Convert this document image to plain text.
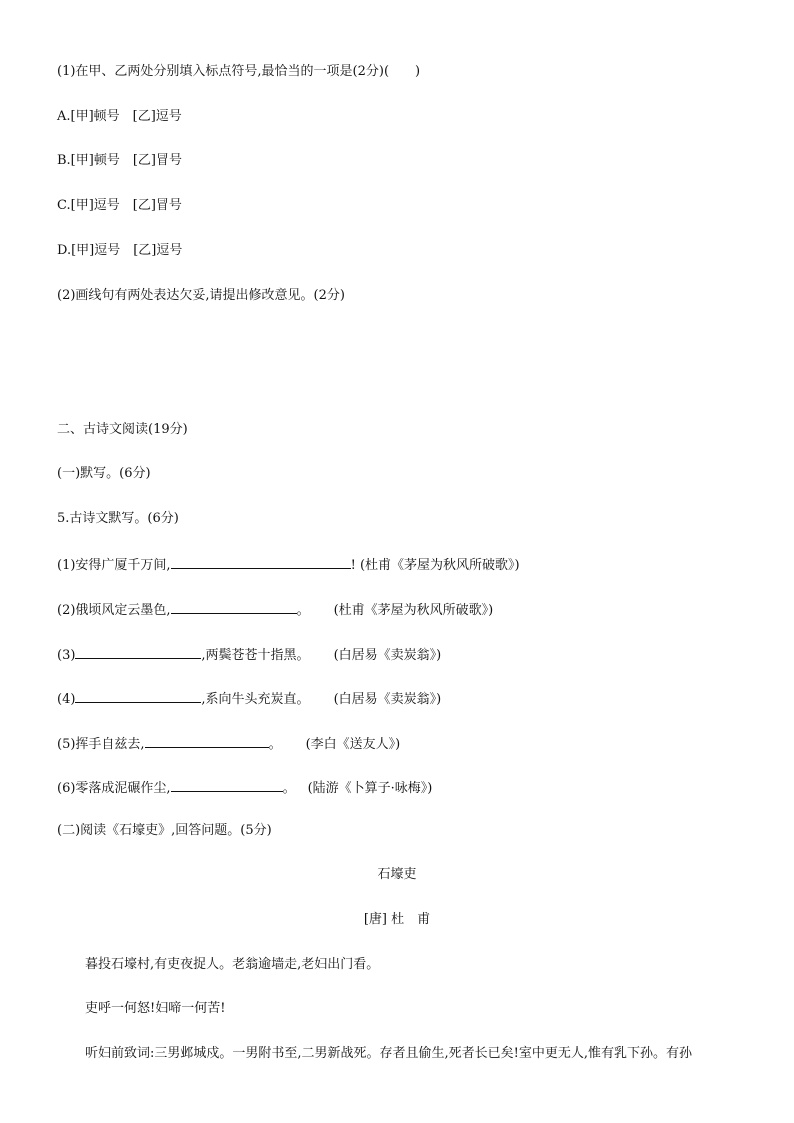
(1)在甲、乙两处分别填入标点符号,最恰当的一项是(2分)(　　)
A.[甲]顿号　[乙]逗号
B.[甲]顿号　[乙]冒号
C.[甲]逗号　[乙]冒号
D.[甲]逗号　[乙]逗号
(2)画线句有两处表达欠妥,请提出修改意见。(2分)
二、古诗文阅读(19分)
(一)默写。(6分)
5.古诗文默写。(6分)
(1)安得广厦千万间,	! (杜甫《茅屋为秋风所破歌》)
(2)俄顷风定云墨色,	。 (杜甫《茅屋为秋风所破歌》)
(3)	,两鬓苍苍十指黑。 (白居易《卖炭翁》)
(4)	,系向牛头充炭直。 (白居易《卖炭翁》)
(5)挥手自兹去,	。 (李白《送友人》)
(6)零落成泥碾作尘,	。 (陆游《卜算子·咏梅》)
(二)阅读《石壕吏》,回答问题。(5分)
石壕吏
[唐] 杜　甫
暮投石壕村,有吏夜捉人。老翁逾墙走,老妇出门看。
吏呼一何怒!妇啼一何苦!
听妇前致词:三男邺城戍。一男附书至,二男新战死。存者且偷生,死者长已矣!室中更无人,惟有乳下孙。有孙
